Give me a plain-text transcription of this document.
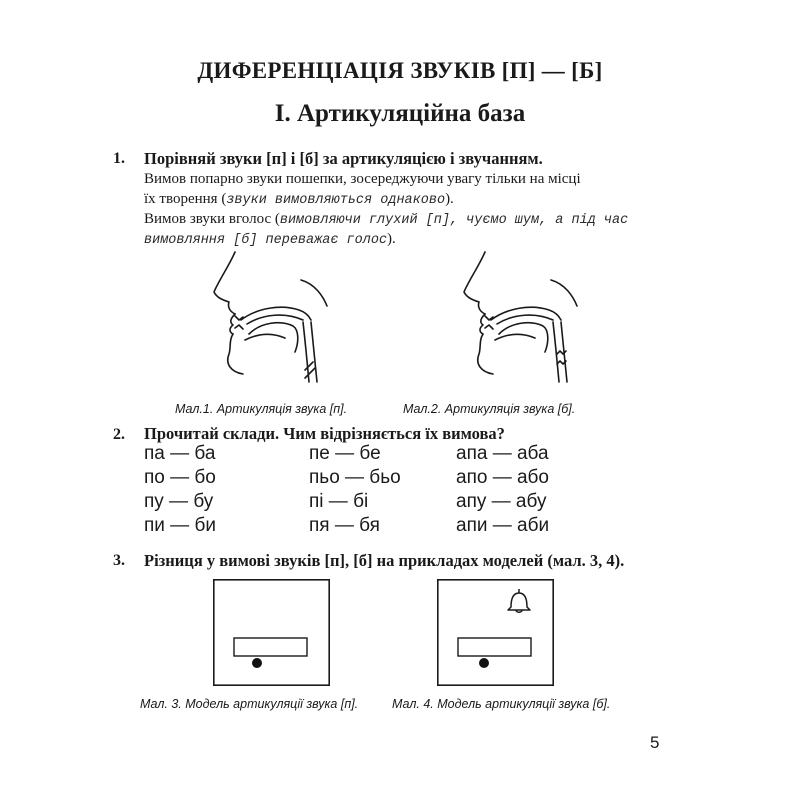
ДИФЕРЕНЦІАЦІЯ ЗВУКІВ [П] — [Б]
І. Артикуляційна база
1. Порівняй звуки [п] і [б] за артикуляцією і звучанням.
Вимов попарно звуки пошепки, зосереджуючи увагу тільки на місці
їх творення (звуки вимовляються однаково).
Вимов звуки вголос (вимовляючи глухий [п], чуємо шум, а під час
вимовляння [б] переважає голос).
Мал.1. Артикуляція звука [п].	Мал.2. Артикуляція звука [б].
2. Прочитай склади. Чим відрізняється їх вимова?
па — ба
по — бо
пу — бу
пи — би
пе — бе
пьо — бьо
пі — бі
пя — бя
апа — аба
апо — або
апу — абу
апи — аби
3. Різниця у вимові звуків [п], [б] на прикладах моделей (мал. 3, 4).
Мал. 3. Модель артикуляції звука [п].	Мал. 4. Модель артикуляції звука [б].
5
